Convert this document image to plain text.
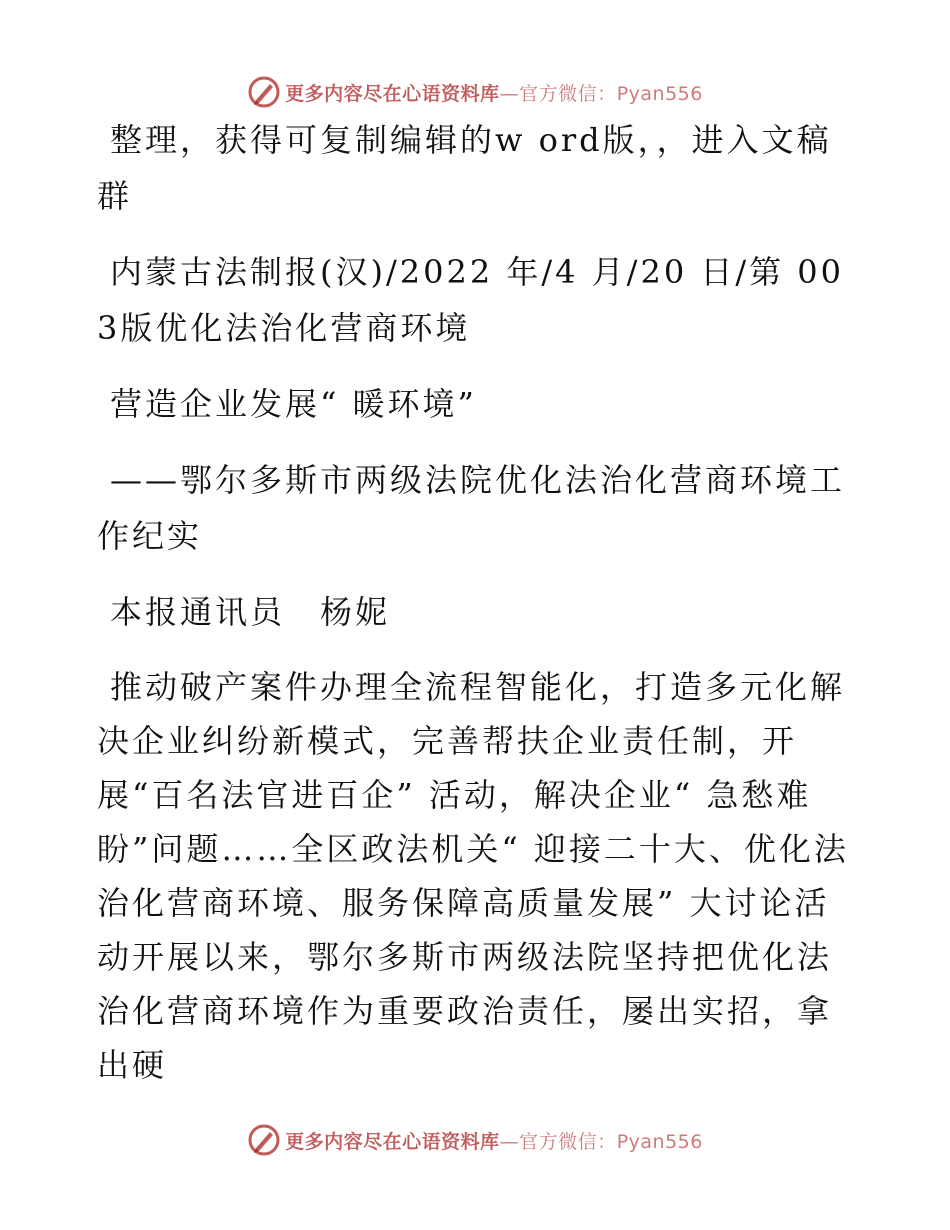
更多内容尽在心语资料库—官方微信：Pyan556

整理，获得可复制编辑的w ord版，，进入文稿群

内蒙古法制报(汉)/2022 年/4 月/20 日/第 003版优化法治化营商环境

营造企业发展“ 暖环境”

——鄂尔多斯市两级法院优化法治化营商环境工作纪实

本报通讯员　杨妮

推动破产案件办理全流程智能化，打造多元化解决企业纠纷新模式，完善帮扶企业责任制，开展“百名法官进百企” 活动，解决企业“ 急愁难盼”问题……全区政法机关“ 迎接二十大、优化法治化营商环境、服务保障高质量发展” 大讨论活动开展以来，鄂尔多斯市两级法院坚持把优化法治化营商环境作为重要政治责任，屡出实招，拿出硬

更多内容尽在心语资料库—官方微信：Pyan556
